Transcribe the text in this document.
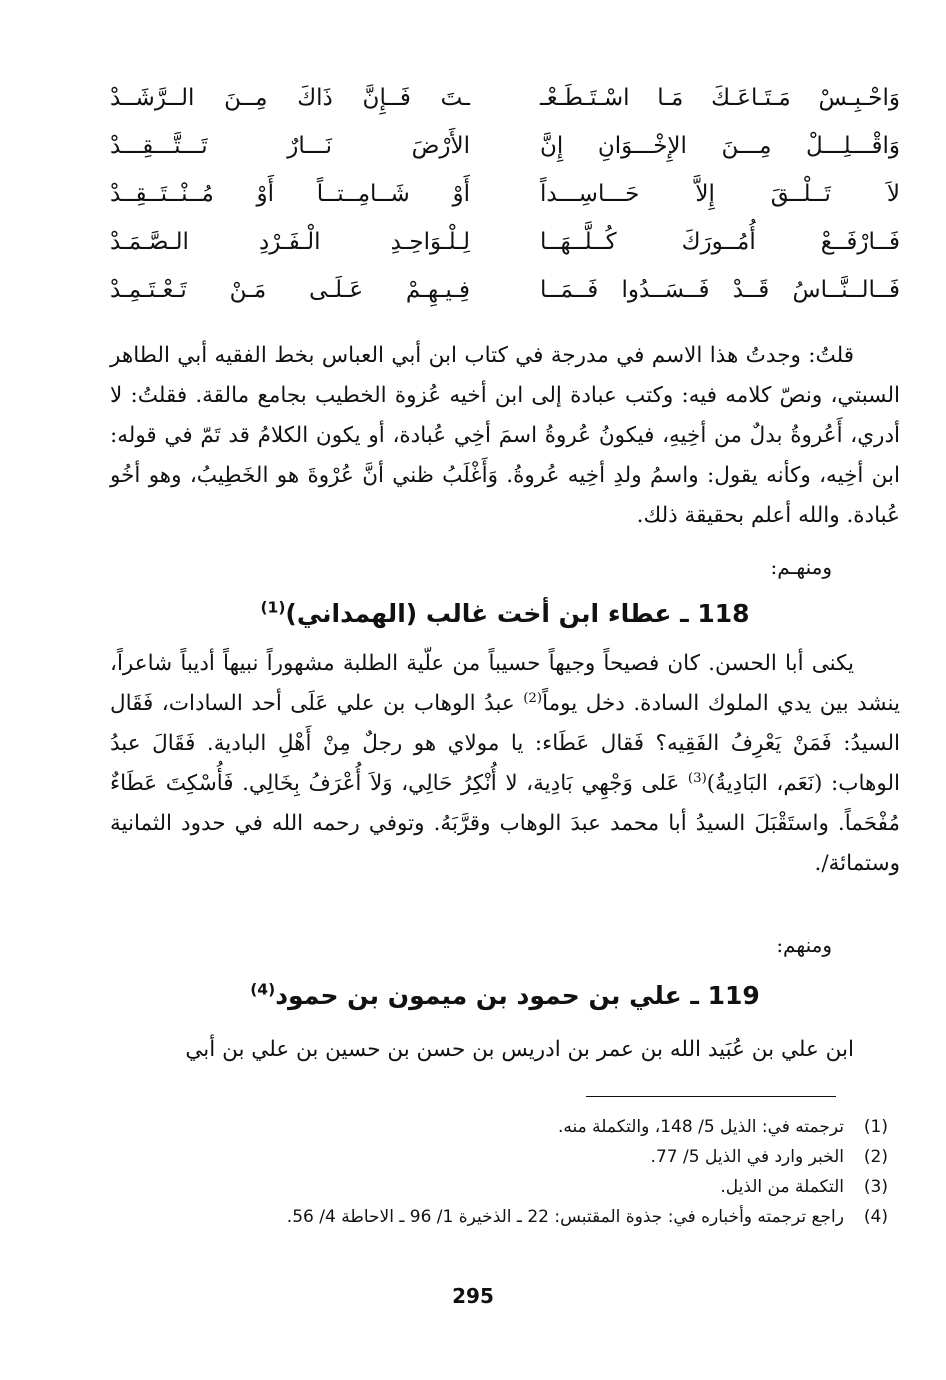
وَاحْـبِـسْ مَـتَـاعَـكَ مَـا اسْـتَـطَـعْـ
ـتَ فَــإِنَّ ذَاكَ مِــنَ الــرَّشَــدْ
وَاقْـــلِـــلْ مِـــنَ الإِخْـــوَانِ إِنَّ
الأَرْضَ نَـــارٌ تَـــتَّـــقِـــدْ
لاَ تَــلْــقَ إِلاَّ حَـــاسِـــداً
أَوْ شَــامِــتــاً أَوْ مُــنْــتَــقِــدْ
فَــارْفَــعْ أُمُــورَكَ كُــلَّــهَــا
لِـلْـوَاحِـدِ الْـفَـرْدِ الـصَّـمَـدْ
فَــالــنَّــاسُ قَــدْ فَــسَــدُوا فَــمَــا
فِـيـهِـمْ عَـلَـى مَـنْ تَـعْـتَـمِـدْ

قلتُ: وجدتُ هذا الاسم في مدرجة في كتاب ابن أبي العباس بخط الفقيه أبي الطاهر السبتي، ونصّ كلامه فيه: وكتب عبادة إلى ابن أخيه عُزوة الخطيب بجامع مالقة. فقلتُ: لا أدري، أَعُروةُ بدلٌ من أخِيهِ، فيكونُ عُروةُ اسمَ أخِي عُبادة، أو يكون الكلامُ قد تَمّ في قوله: ابن أخِيه، وكأنه يقول: واسمُ ولدِ أخِيه عُروةُ. وَأَغْلَبُ ظني أنَّ عُرْوةَ هو الخَطِيبُ، وهو أخُو عُبادة. والله أعلم بحقيقة ذلك.

ومنهـم:
118 ـ عطاء ابن أخت غالب (الهمداني)$^{(1)}$

يكنى أبا الحسن. كان فصيحاً وجيهاً حسيباً من علّية الطلبة مشهوراً نبيهاً أديباً شاعراً، ينشد بين يدي الملوك السادة. دخل يوماً$^{(2)}$ عبدُ الوهاب بن علي عَلَى أحد السادات، فَقَال السيدُ: فَمَنْ يَعْرِفُ الفَقِيه؟ فَقال عَطَاء: يا مولاي هو رجلٌ مِنْ أَهْلِ البادية. فَقَالَ عبدُ الوهاب: (نَعَم، البَادِيةُ)$^{(3)}$ عَلى وَجْهِي بَادِية، لا أُنْكِرُ حَالِي، وَلاَ أُعْرَفُ بِخَالِي. فَأُسْكِتَ عَطَاءٌ مُفْحَماً. واستَقْبَلَ السيدُ أبا محمد عبدَ الوهاب وقرَّبَهُ. وتوفي رحمه الله في حدود الثمانية وستمائة/.

ومنهم:
119 ـ علي بن حمود بن ميمون بن حمود$^{(4)}$

ابن علي بن عُبَيد الله بن عمر بن ادريس بن حسن بن حسين بن علي بن أبي

(1)
ترجمته في: الذيل 5/ 148، والتكملة منه.
(2)
الخبر وارد في الذيل 5/ 77.
(3)
التكملة من الذيل.
(4)
راجع ترجمته وأخباره في: جذوة المقتبس: 22 ـ الذخيرة 1/ 96 ـ الاحاطة 4/ 56.
295
